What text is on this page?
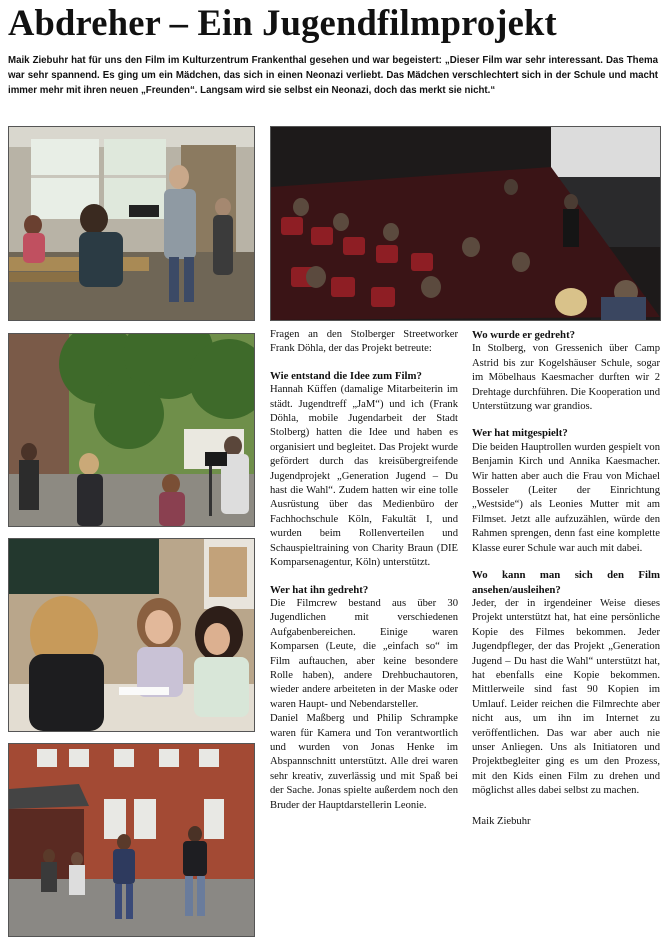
Abdreher – Ein Jugendfilmprojekt

Maik Ziebuhr hat für uns den Film im Kulturzentrum Frankenthal gesehen und war begeistert: „Dieser Film war sehr interessant. Das Thema war sehr spannend. Es ging um ein Mädchen, das sich in einen Neonazi verliebt. Das Mädchen verschlechtert sich in der Schule und macht immer mehr mit ihren neuen „Freunden“. Langsam wird sie selbst ein Neonazi, doch das merkt sie nicht.“

Fragen an den Stolberger Streetworker Frank Döhla, der das Projekt betreute:

Wie entstand die Idee zum Film?

Hannah Küffen (damalige Mitarbeiterin im städt. Jugendtreff „JaM“) und ich (Frank Döhla, mobile Jugendarbeit der Stadt Stolberg) hatten die Idee und haben es organisiert und begleitet. Das Projekt wurde gefördert durch das kreisübergreifende Jugendprojekt „Generation Jugend – Du hast die Wahl“. Zudem hatten wir eine tolle Ausrüstung über das Medienbüro der Fachhochschule Köln, Fakultät I, und wurden beim Rollenverteilen und Schauspieltraining von Charity Braun (DIE Komparsenagentur, Köln) unterstützt.

Wer hat ihn gedreht?

Die Filmcrew bestand aus über 30 Jugendlichen mit verschiedenen Aufgabenbereichen. Einige waren Komparsen (Leute, die „einfach so“ im Film auftauchen, aber keine besondere Rolle haben), andere Drehbuchautoren, wieder andere arbeiteten in der Maske oder waren Haupt- und Nebendarsteller.

Daniel Maßberg und Philip Schrampke waren für Kamera und Ton verantwortlich und wurden von Jonas Henke im Abspannschnitt unterstützt. Alle drei waren sehr kreativ, zuverlässig und mit Spaß bei der Sache. Jonas spielte außerdem noch den Bruder der Hauptdarstellerin Leonie.

Wo wurde er gedreht?

In Stolberg, von Gressenich über Camp Astrid bis zur Kogelshäuser Schule, sogar im Möbelhaus Kaesmacher durften wir 2 Drehtage durchführen. Die Kooperation und Unterstützung war grandios.

Wer hat mitgespielt?

Die beiden Hauptrollen wurden gespielt von Benjamin Kirch und Annika Kaesmacher. Wir hatten aber auch die Frau von Michael Bosseler (Leiter der Einrichtung „Westside“) als Leonies Mutter mit am Filmset. Jetzt alle aufzuzählen, würde den Rahmen sprengen, denn fast eine komplette Klasse eurer Schule war auch mit dabei.

Wo kann man sich den Film ansehen/ausleihen?

Jeder, der in irgendeiner Weise dieses Projekt unterstützt hat, hat eine persönliche Kopie des Filmes bekommen. Jeder Jugendpfleger, der das Projekt „Generation Jugend – Du hast die Wahl“ unterstützt hat, hat ebenfalls eine Kopie bekommen. Mittlerweile sind fast 90 Kopien im Umlauf. Leider reichen die Filmrechte aber nicht aus, um ihn im Internet zu veröffentlichen. Das war aber auch nie unser Anliegen. Uns als Initiatoren und Projektbegleiter ging es um den Prozess, mit den Kids einen Film zu drehen und möglichst alles dabei selbst zu machen.

Maik Ziebuhr
